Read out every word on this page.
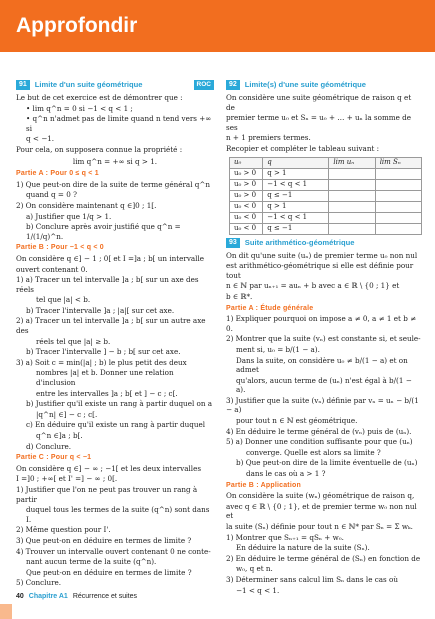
Approfondir
91	Limite d'un suite géométrique	ROC

Le but de cet exercice est de démontrer que :

• lim q^n = 0 si −1 < q < 1 ;

• q^n n'admet pas de limite quand n tend vers +∞ si

q < −1.

Pour cela, on supposera connue la propriété :

lim q^n = +∞ si q > 1.

Partie A : Pour 0 ≤ q < 1

1) Que peut-on dire de la suite de terme général q^n

quand q = 0 ?

2) On considère maintenant q ∈]0 ; 1[.

a) Justifier que 1/q > 1.

b) Conclure après avoir justifié que q^n = 1/(1/q)^n.

Partie B : Pour −1 < q < 0

On considère q ∈] − 1 ; 0[ et I =]a ; b[ un intervalle

ouvert contenant 0.

1) a) Tracer un tel intervalle ]a ; b[ sur un axe des réels

tel que |a| < b.

b) Tracer l'intervalle ]a ; |a|[ sur cet axe.

2) a) Tracer un tel intervalle ]a ; b[ sur un autre axe des

réels tel que |a| ≥ b.

b) Tracer l'intervalle ] − b ; b[ sur cet axe.

3) a) Soit c = min(|a| ; b) le plus petit des deux

nombres |a| et b. Donner une relation d'inclusion

entre les intervalles ]a ; b[ et ] − c ; c[.

b) Justifier qu'il existe un rang à partir duquel on a

|q^n| ∈] − c ; c[.

c) En déduire qu'il existe un rang à partir duquel

q^n ∈]a ; b[.

d) Conclure.

Partie C : Pour q < −1

On considère q ∈] − ∞ ; −1[ et les deux intervalles

I =]0 ; +∞[ et I' =] − ∞ ; 0[.

1) Justifier que l'on ne peut pas trouver un rang à partir

duquel tous les termes de la suite (q^n) sont dans I.

2) Même question pour I'.

3) Que peut-on en déduire en termes de limite ?

4) Trouver un intervalle ouvert contenant 0 ne conte-

nant aucun terme de la suite (q^n).

Que peut-on en déduire en termes de limite ?

5) Conclure.

92	Limite(s) d'une suite géométrique

On considère une suite géométrique de raison q et de

premier terme u₀ et Sₙ = u₀ + … + uₙ la somme de ses

n + 1 premiers termes.

Recopier et compléter le tableau suivant :

u₀	q	lim uₙ	lim Sₙ
u₀ > 0	q > 1		
u₀ > 0	−1 < q < 1		
u₀ > 0	q ≤ −1		
u₀ < 0	q > 1		
u₀ < 0	−1 < q < 1		
u₀ < 0	q ≤ −1		
93	Suite arithmético-géométrique

On dit qu'une suite (uₙ) de premier terme u₀ non nul

est arithmético-géométrique si elle est définie pour tout

n ∈ ℕ par uₙ₊₁ = auₙ + b avec a ∈ ℝ \ {0 ; 1} et

b ∈ ℝ*.

Partie A : Étude générale

1) Expliquer pourquoi on impose a ≠ 0, a ≠ 1 et b ≠ 0.

2) Montrer que la suite (vₙ) est constante si, et seule-

ment si, u₀ = b/(1 − a).

Dans la suite, on considère u₀ ≠ b/(1 − a) et on admet

qu'alors, aucun terme de (uₙ) n'est égal à b/(1 − a).

3) Justifier que la suite (vₙ) définie par vₙ = uₙ − b/(1 − a)

pour tout n ∈ ℕ est géométrique.

4) En déduire le terme général de (vₙ) puis de (uₙ).

5) a) Donner une condition suffisante pour que (uₙ)

converge. Quelle est alors sa limite ?

b) Que peut-on dire de la limite éventuelle de (uₙ)

dans le cas où a > 1 ?

Partie B : Application

On considère la suite (wₙ) géométrique de raison q,

avec q ∈ ℝ \ {0 ; 1}, et de premier terme w₀ non nul et

la suite (Sₙ) définie pour tout n ∈ ℕ* par Sₙ = Σ wₖ.

1) Montrer que Sₙ₊₁ = qSₙ + w₀.

En déduire la nature de la suite (Sₙ).

2) En déduire le terme général de (Sₙ) en fonction de

w₀, q et n.

3) Déterminer sans calcul lim Sₙ dans le cas où

−1 < q < 1.

40 Chapitre A1 Récurrence et suites
